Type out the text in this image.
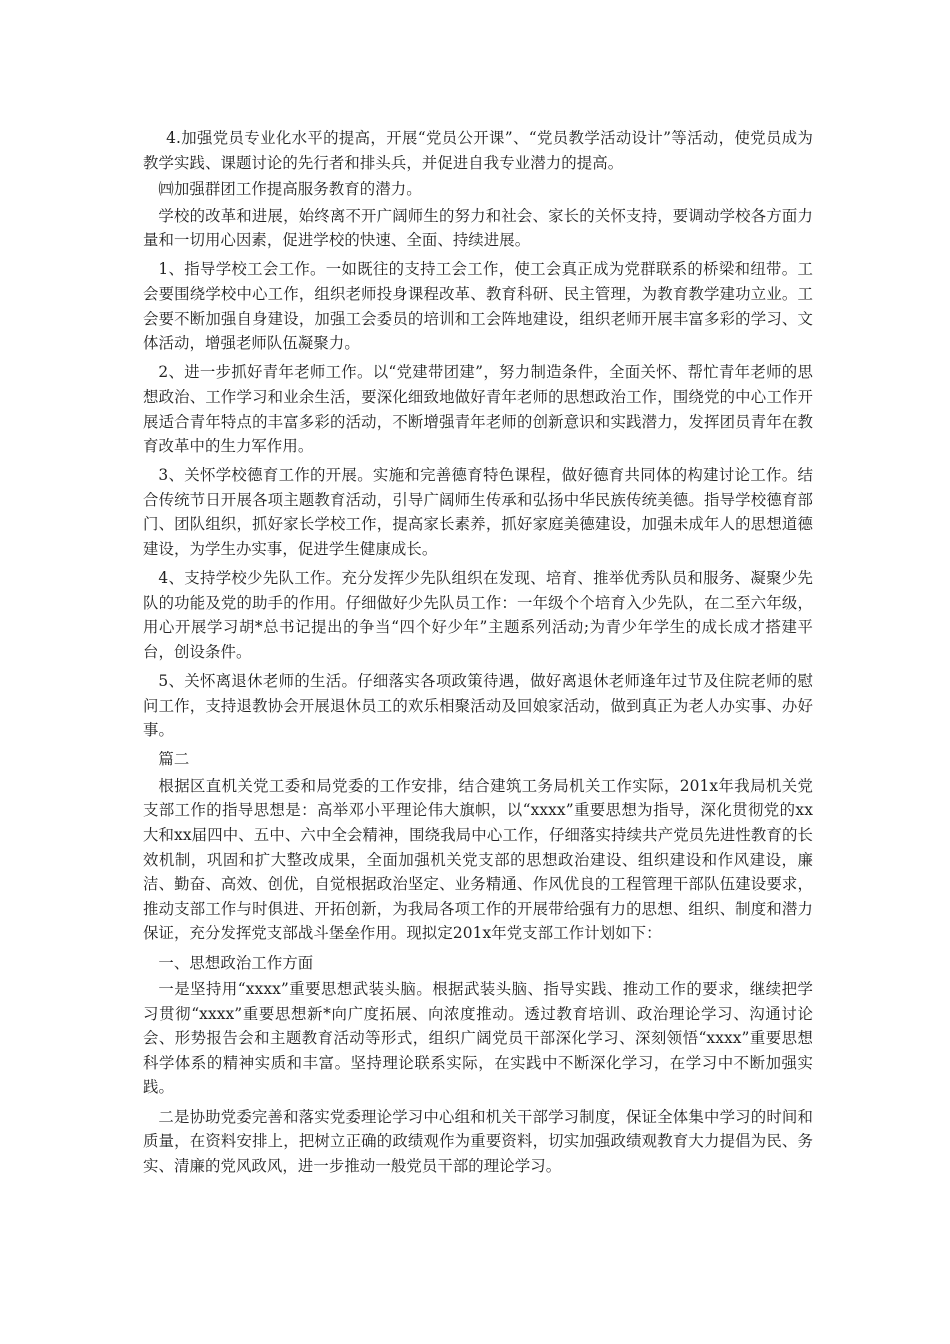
4.加强党员专业化水平的提高，开展“党员公开课”、“党员教学活动设计”等活动，使党员成为教学实践、课题讨论的先行者和排头兵，并促进自我专业潜力的提高。

㈣加强群团工作提高服务教育的潜力。

学校的改革和进展，始终离不开广阔师生的努力和社会、家长的关怀支持，要调动学校各方面力量和一切用心因素，促进学校的快速、全面、持续进展。

1、指导学校工会工作。一如既往的支持工会工作，使工会真正成为党群联系的桥梁和纽带。工会要围绕学校中心工作，组织老师投身课程改革、教育科研、民主管理，为教育教学建功立业。工会要不断加强自身建设，加强工会委员的培训和工会阵地建设，组织老师开展丰富多彩的学习、文体活动，增强老师队伍凝聚力。

2、进一步抓好青年老师工作。以“党建带团建”，努力制造条件，全面关怀、帮忙青年老师的思想政治、工作学习和业余生活，要深化细致地做好青年老师的思想政治工作，围绕党的中心工作开展适合青年特点的丰富多彩的活动，不断增强青年老师的创新意识和实践潜力，发挥团员青年在教育改革中的生力军作用。

3、关怀学校德育工作的开展。实施和完善德育特色课程，做好德育共同体的构建讨论工作。结合传统节日开展各项主题教育活动，引导广阔师生传承和弘扬中华民族传统美德。指导学校德育部门、团队组织，抓好家长学校工作，提高家长素养，抓好家庭美德建设，加强未成年人的思想道德建设，为学生办实事，促进学生健康成长。

4、支持学校少先队工作。充分发挥少先队组织在发现、培育、推举优秀队员和服务、凝聚少先队的功能及党的助手的作用。仔细做好少先队员工作：一年级个个培育入少先队，在二至六年级，用心开展学习胡*总书记提出的争当“四个好少年”主题系列活动;为青少年学生的成长成才搭建平台，创设条件。

5、关怀离退休老师的生活。仔细落实各项政策待遇，做好离退休老师逢年过节及住院老师的慰问工作，支持退教协会开展退休员工的欢乐相聚活动及回娘家活动，做到真正为老人办实事、办好事。

篇二

根据区直机关党工委和局党委的工作安排，结合建筑工务局机关工作实际，201x年我局机关党支部工作的指导思想是：高举邓小平理论伟大旗帜，以“xxxx”重要思想为指导，深化贯彻党的xx大和xx届四中、五中、六中全会精神，围绕我局中心工作，仔细落实持续共产党员先进性教育的长效机制，巩固和扩大整改成果，全面加强机关党支部的思想政治建设、组织建设和作风建设，廉洁、勤奋、高效、创优，自觉根据政治坚定、业务精通、作风优良的工程管理干部队伍建设要求，推动支部工作与时俱进、开拓创新，为我局各项工作的开展带给强有力的思想、组织、制度和潜力保证，充分发挥党支部战斗堡垒作用。现拟定201x年党支部工作计划如下：

一、思想政治工作方面

一是坚持用“xxxx”重要思想武装头脑。根据武装头脑、指导实践、推动工作的要求，继续把学习贯彻“xxxx”重要思想新*向广度拓展、向浓度推动。透过教育培训、政治理论学习、沟通讨论会、形势报告会和主题教育活动等形式，组织广阔党员干部深化学习、深刻领悟“xxxx”重要思想科学体系的精神实质和丰富。坚持理论联系实际，在实践中不断深化学习，在学习中不断加强实践。

二是协助党委完善和落实党委理论学习中心组和机关干部学习制度，保证全体集中学习的时间和质量，在资料安排上，把树立正确的政绩观作为重要资料，切实加强政绩观教育大力提倡为民、务实、清廉的党风政风，进一步推动一般党员干部的理论学习。
